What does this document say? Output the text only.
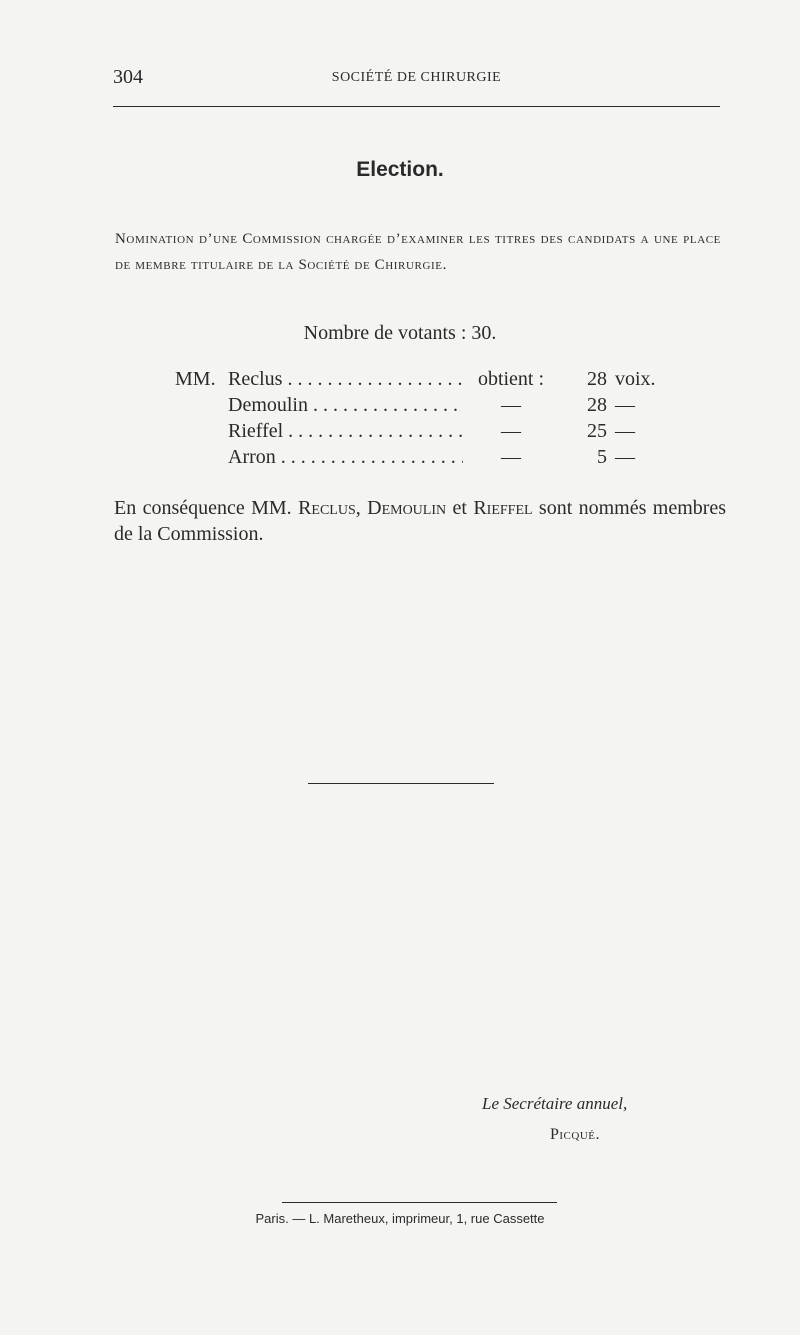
304	SOCIÉTÉ DE CHIRURGIE
Election.
Nomination d’une Commission chargée d’examiner les titres des candidats a une place de membre titulaire de la Société de Chirurgie.
Nombre de votants : 30.
MM. Reclus . . .	obtient :	28 voix.
Demoulin . . .	—	28 —
Rieffel . . .	—	25 —
Arron . . .	—	5 —
En conséquence MM. Reclus, Demoulin et Rieffel sont nommés membres de la Commission.
Le Secrétaire annuel,
Picqué.
Paris. — L. Maretheux, imprimeur, 1, rue Cassette
